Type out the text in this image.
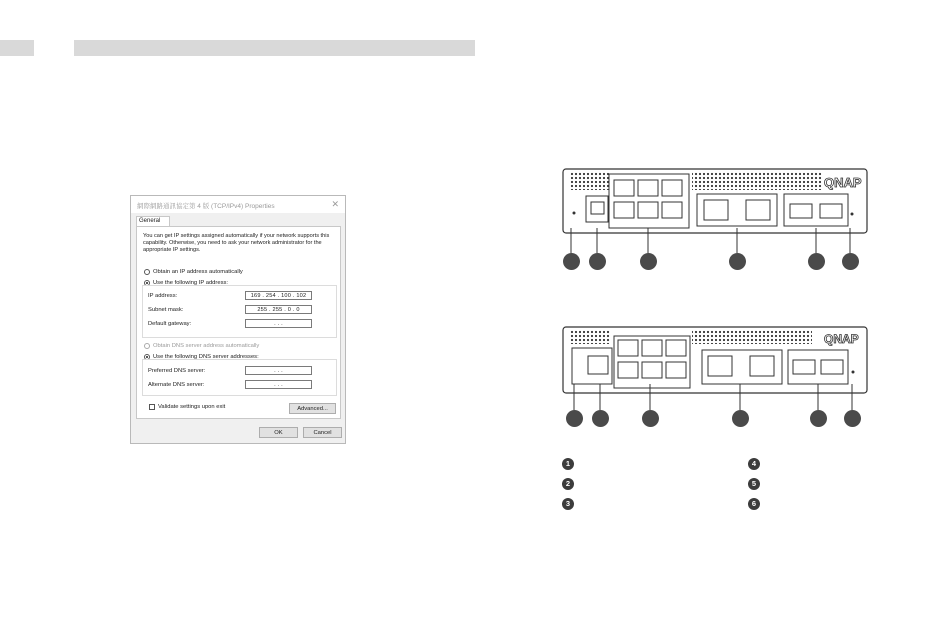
網際網路通訊協定第 4 版 (TCP/IPv4) Properties	✕
General
You can get IP settings assigned automatically if your network supports this capability. Otherwise, you need to ask your network administrator for the appropriate IP settings.
Obtain an IP address automatically
Use the following IP address:
IP address:	169 . 254 . 100 . 102
Subnet mask:	255 . 255 . 0 . 0
Default gateway:	. . .
Obtain DNS server address automatically
Use the following DNS server addresses:
Preferred DNS server:	. . .
Alternate DNS server:	. . .
Validate settings upon exit	Advanced...
OK	Cancel
QNAP
QNAP
1
2
3
4
5
6
